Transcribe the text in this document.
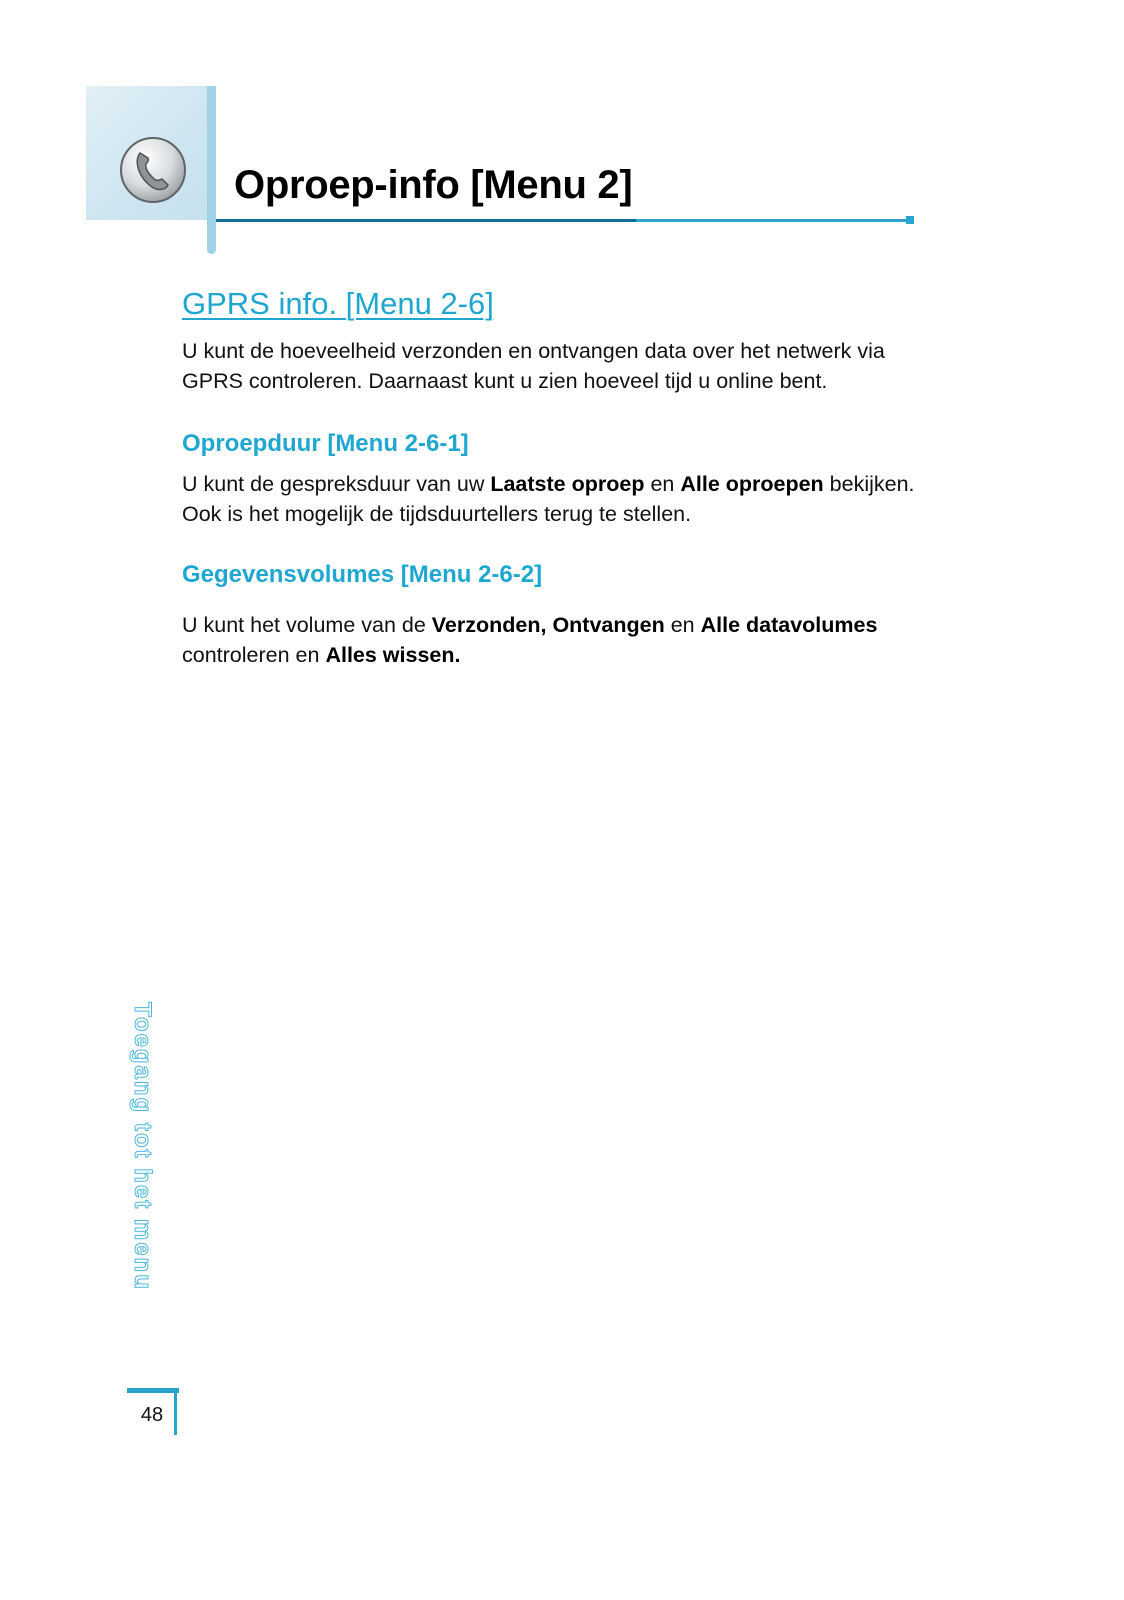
Oproep-info [Menu 2]
GPRS info. [Menu 2-6]

U kunt de hoeveelheid verzonden en ontvangen data over het netwerk via GPRS controleren. Daarnaast kunt u zien hoeveel tijd u online bent.

Oproepduur [Menu 2-6-1]

U kunt de gespreksduur van uw Laatste oproep en Alle oproepen bekijken. Ook is het mogelijk de tijdsduurtellers terug te stellen.

Gegevensvolumes [Menu 2-6-2]

U kunt het volume van de Verzonden, Ontvangen en Alle datavolumes controleren en Alles wissen.

Toegang tot het menu
48
